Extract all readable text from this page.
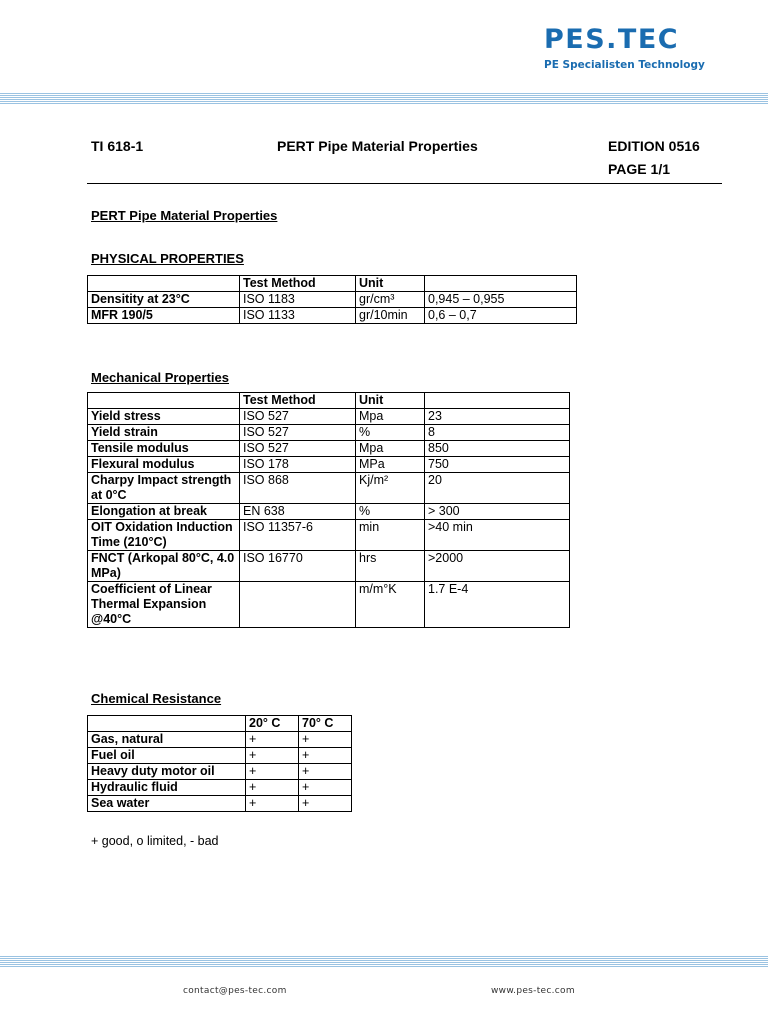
PES.TEC
PE Specialisten Technology
TI 618-1	PERT Pipe Material Properties	EDITION 0516
PAGE 1/1
PERT Pipe Material Properties
PHYSICAL PROPERTIES
	Test Method	Unit	
Densitity at 23°C	ISO 1183	gr/cm³	0,945 – 0,955
MFR 190/5	ISO 1133	gr/10min	0,6 – 0,7
Mechanical Properties
	Test Method	Unit	
Yield stress	ISO 527	Mpa	23
Yield strain	ISO 527	%	8
Tensile modulus	ISO 527	Mpa	850
Flexural modulus	ISO 178	MPa	750
Charpy Impact strength at 0°C	ISO 868	Kj/m²	20
Elongation at break	EN 638	%	> 300
OIT Oxidation Induction Time (210°C)	ISO 11357-6	min	>40 min
FNCT (Arkopal 80°C, 4.0 MPa)	ISO 16770	hrs	>2000
Coefficient of Linear Thermal Expansion @40°C		m/m°K	1.7 E-4
Chemical Resistance
	20° C	70° C
Gas, natural	+	+
Fuel oil	+	+
Heavy duty motor oil	+	+
Hydraulic fluid	+	+
Sea water	+	+
+ good, o limited, - bad
contact@pes-tec.com	www.pes-tec.com
